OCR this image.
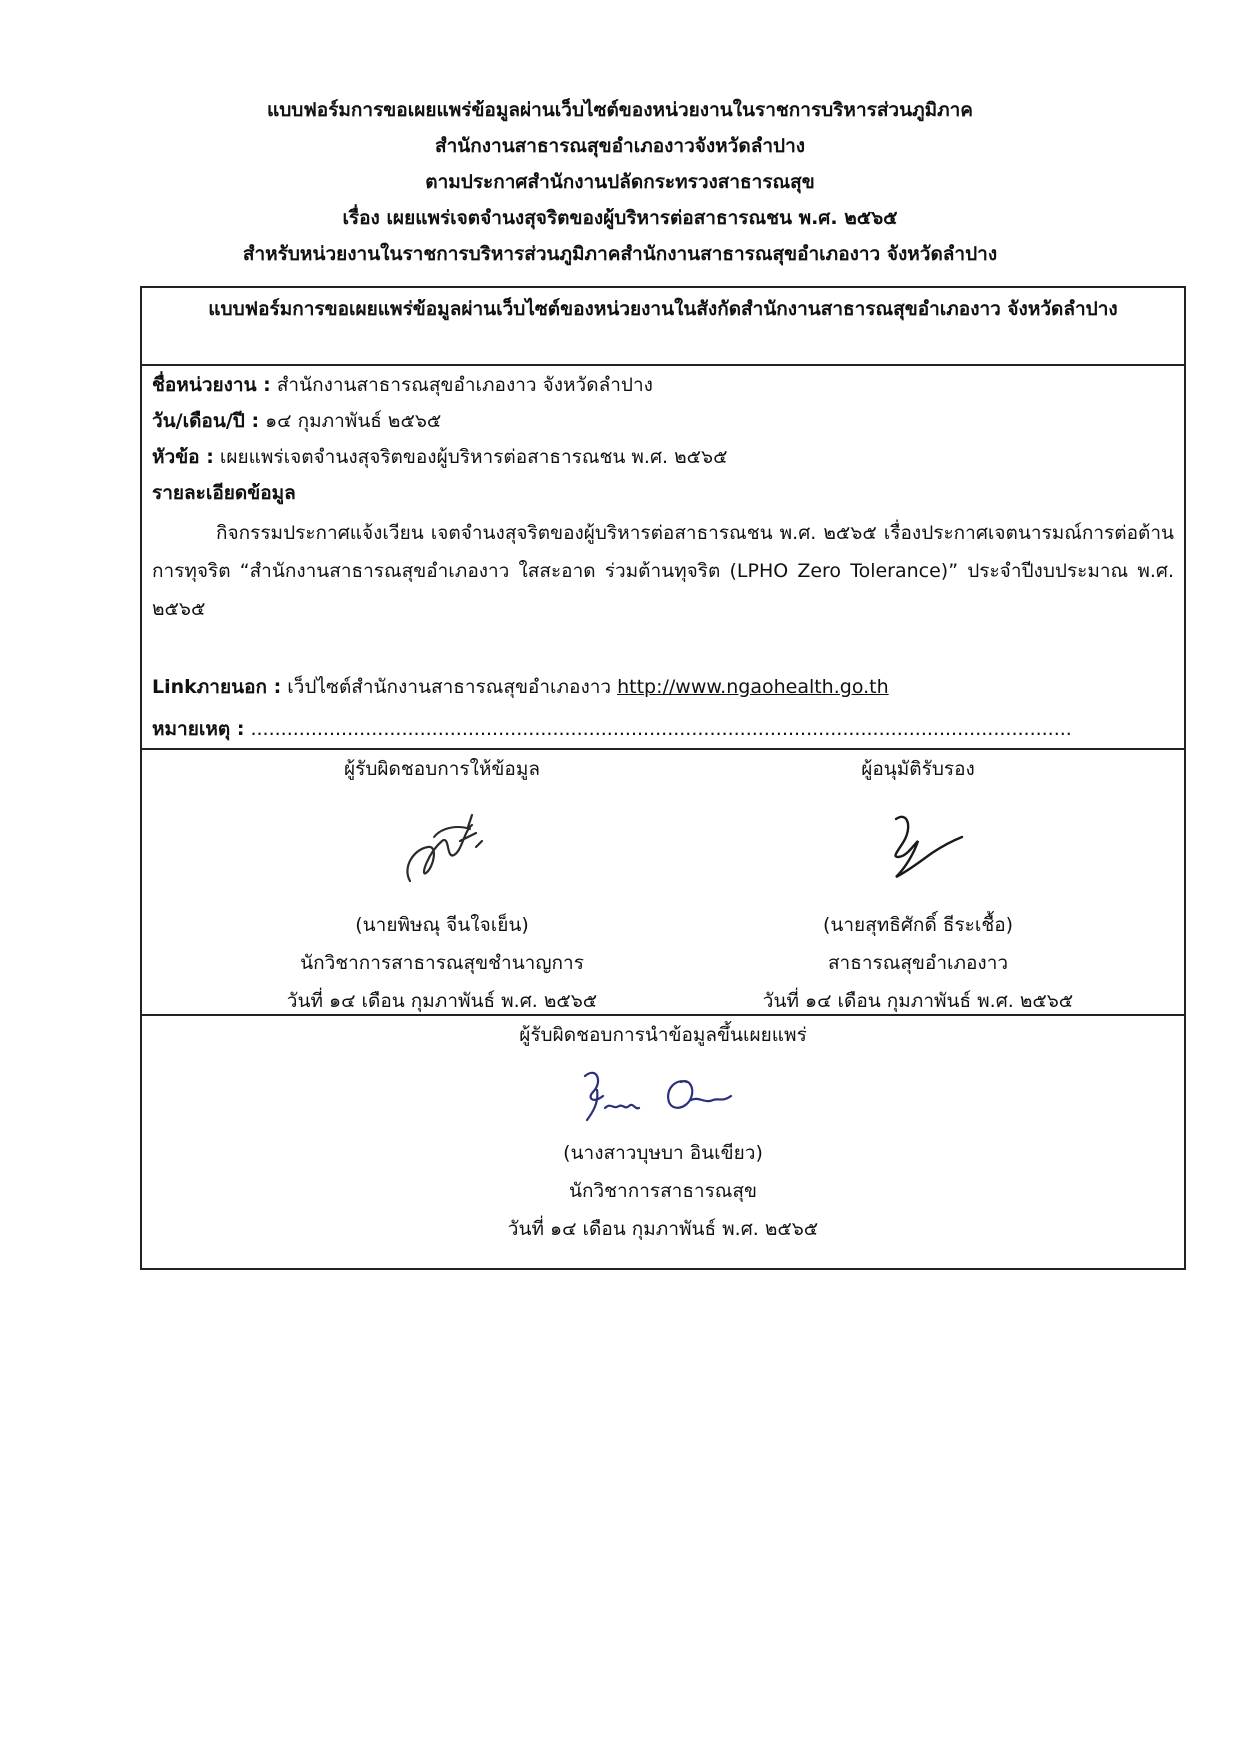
แบบฟอร์มการขอเผยแพร่ข้อมูลผ่านเว็บไซต์ของหน่วยงานในราชการบริหารส่วนภูมิภาค
สำนักงานสาธารณสุขอำเภองาวจังหวัดลำปาง
ตามประกาศสำนักงานปลัดกระทรวงสาธารณสุข
เรื่อง เผยแพร่เจตจำนงสุจริตของผู้บริหารต่อสาธารณชน พ.ศ. ๒๕๖๕
สำหรับหน่วยงานในราชการบริหารส่วนภูมิภาคสำนักงานสาธารณสุขอำเภองาว จังหวัดลำปาง
แบบฟอร์มการขอเผยแพร่ข้อมูลผ่านเว็บไซต์ของหน่วยงานในสังกัดสำนักงานสาธารณสุขอำเภองาว จังหวัดลำปาง
ชื่อหน่วยงาน : สำนักงานสาธารณสุขอำเภองาว จังหวัดลำปาง
วัน/เดือน/ปี : ๑๔ กุมภาพันธ์ ๒๕๖๕
หัวข้อ : เผยแพร่เจตจำนงสุจริตของผู้บริหารต่อสาธารณชน พ.ศ. ๒๕๖๕
รายละเอียดข้อมูล
กิจกรรมประกาศแจ้งเวียน เจตจำนงสุจริตของผู้บริหารต่อสาธารณชน พ.ศ. ๒๕๖๕ เรื่องประกาศเจตนารมณ์การต่อต้านการทุจริต “สำนักงานสาธารณสุขอำเภองาว ใสสะอาด ร่วมต้านทุจริต (LPHO Zero Tolerance)” ประจำปีงบประมาณ พ.ศ. ๒๕๖๕
Linkภายนอก : เว็ปไซต์สำนักงานสาธารณสุขอำเภองาว http://www.ngaohealth.go.th
หมายเหตุ : ........................................................................................................................................
ผู้รับผิดชอบการให้ข้อมูล
(นายพิษณุ จีนใจเย็น)
นักวิชาการสาธารณสุขชำนาญการ
วันที่ ๑๔ เดือน กุมภาพันธ์ พ.ศ. ๒๕๖๕
ผู้อนุมัติรับรอง
(นายสุทธิศักดิ์ ธีระเชื้อ)
สาธารณสุขอำเภองาว
วันที่ ๑๔ เดือน กุมภาพันธ์ พ.ศ. ๒๕๖๕
ผู้รับผิดชอบการนำข้อมูลขึ้นเผยแพร่
(นางสาวบุษบา อินเขียว)
นักวิชาการสาธารณสุข
วันที่ ๑๔ เดือน กุมภาพันธ์ พ.ศ. ๒๕๖๕
